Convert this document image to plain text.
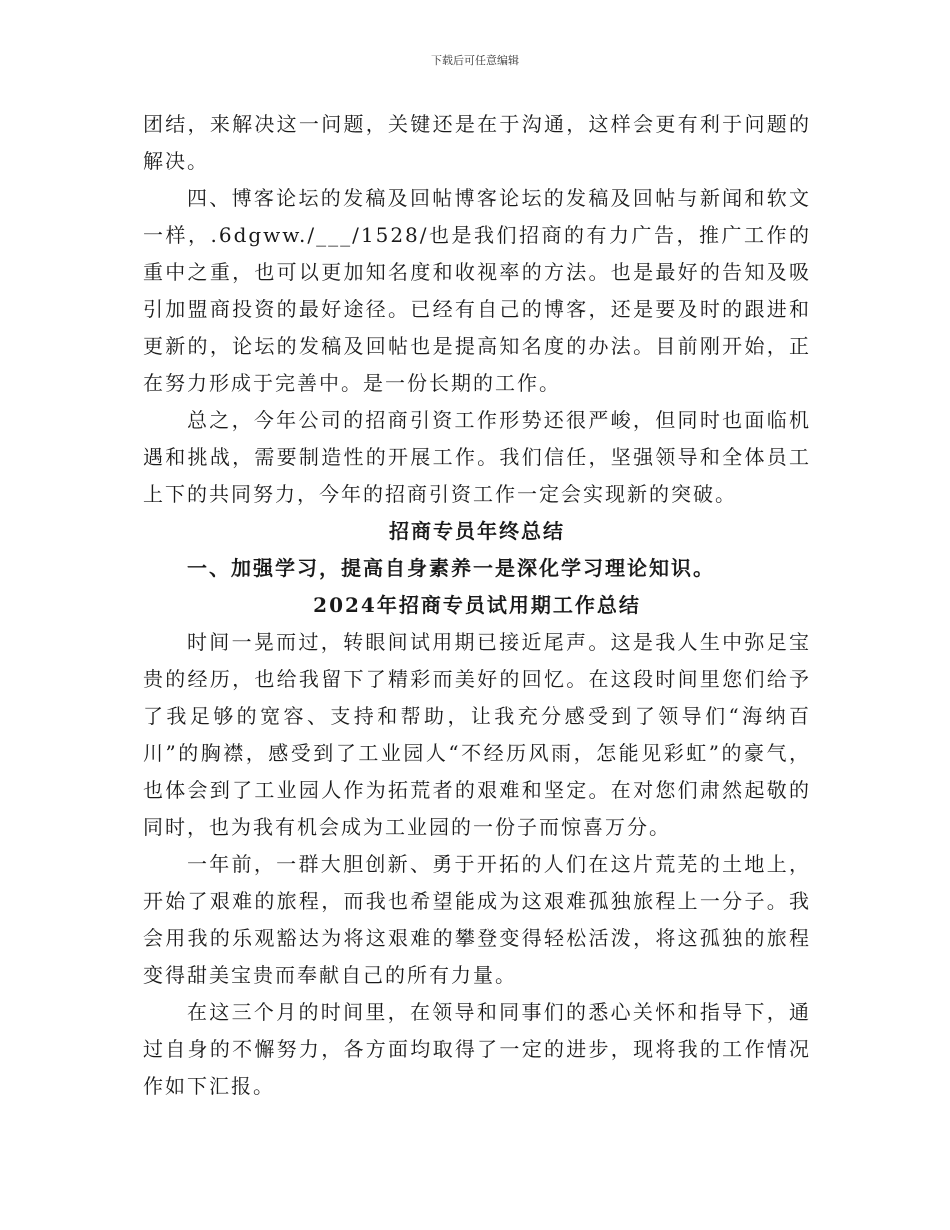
下载后可任意编辑

团结，来解决这一问题，关键还是在于沟通，这样会更有利于问题的解决。

四、博客论坛的发稿及回帖博客论坛的发稿及回帖与新闻和软文一样，.6dgww./___/1528/也是我们招商的有力广告，推广工作的重中之重，也可以更加知名度和收视率的方法。也是最好的告知及吸引加盟商投资的最好途径。已经有自己的博客，还是要及时的跟进和更新的，论坛的发稿及回帖也是提高知名度的办法。目前刚开始，正在努力形成于完善中。是一份长期的工作。

总之，今年公司的招商引资工作形势还很严峻，但同时也面临机遇和挑战，需要制造性的开展工作。我们信任，坚强领导和全体员工上下的共同努力，今年的招商引资工作一定会实现新的突破。

招商专员年终总结

一、加强学习，提高自身素养一是深化学习理论知识。

2024年招商专员试用期工作总结

时间一晃而过，转眼间试用期已接近尾声。这是我人生中弥足宝贵的经历，也给我留下了精彩而美好的回忆。在这段时间里您们给予了我足够的宽容、支持和帮助，让我充分感受到了领导们“海纳百川”的胸襟，感受到了工业园人“不经历风雨，怎能见彩虹”的豪气，也体会到了工业园人作为拓荒者的艰难和坚定。在对您们肃然起敬的同时，也为我有机会成为工业园的一份子而惊喜万分。

一年前，一群大胆创新、勇于开拓的人们在这片荒芜的土地上，开始了艰难的旅程，而我也希望能成为这艰难孤独旅程上一分子。我会用我的乐观豁达为将这艰难的攀登变得轻松活泼，将这孤独的旅程变得甜美宝贵而奉献自己的所有力量。

在这三个月的时间里，在领导和同事们的悉心关怀和指导下，通过自身的不懈努力，各方面均取得了一定的进步，现将我的工作情况作如下汇报。
